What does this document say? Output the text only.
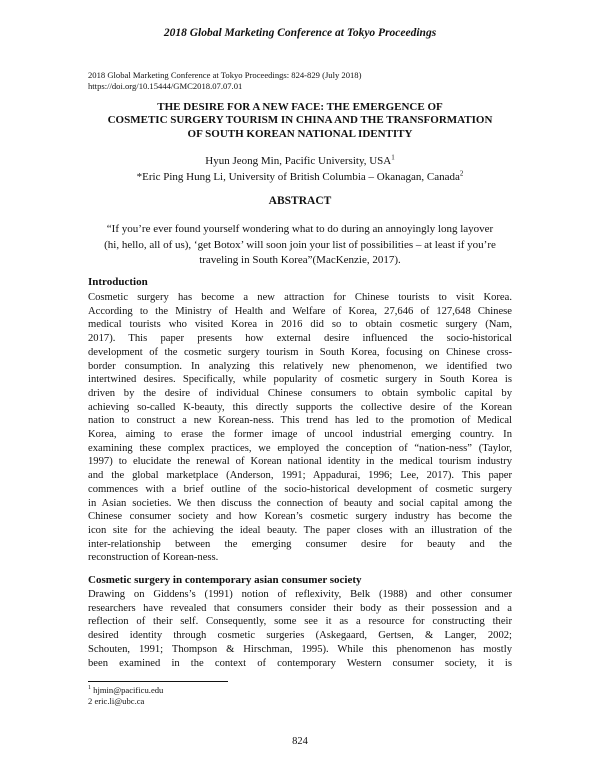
2018 Global Marketing Conference at Tokyo Proceedings
2018 Global Marketing Conference at Tokyo Proceedings: 824-829 (July 2018)
https://doi.org/10.15444/GMC2018.07.07.01
THE DESIRE FOR A NEW FACE: THE EMERGENCE OF
COSMETIC SURGERY TOURISM IN CHINA AND THE TRANSFORMATION
OF SOUTH KOREAN NATIONAL IDENTITY
Hyun Jeong Min, Pacific University, USA$^1$
*Eric Ping Hung Li, University of British Columbia – Okanagan, Canada$^2$
ABSTRACT
“If you’re ever found yourself wondering what to do during an annoyingly long layover
(hi, hello, all of us), ‘get Botox’ will soon join your list of possibilities – at least if you’re
traveling in South Korea”(MacKenzie, 2017).
Introduction
Cosmetic surgery has become a new attraction for Chinese tourists to visit Korea.
According to the Ministry of Health and Welfare of Korea, 27,646 of 127,648 Chinese
medical tourists who visited Korea in 2016 did so to obtain cosmetic surgery (Nam,
2017). This paper presents how external desire influenced the socio-historical
development of the cosmetic surgery tourism in South Korea, focusing on Chinese cross-
border consumption. In analyzing this relatively new phenomenon, we identified two
intertwined desires. Specifically, while popularity of cosmetic surgery in South Korea is
driven by the desire of individual Chinese consumers to obtain symbolic capital by
achieving so-called K-beauty, this directly supports the collective desire of the Korean
nation to construct a new Korean-ness. This trend has led to the promotion of Medical
Korea, aiming to erase the former image of uncool industrial emerging country. In
examining these complex practices, we employed the conception of “nation-ness” (Taylor,
1997) to elucidate the renewal of Korean national identity in the medical tourism industry
and the global marketplace (Anderson, 1991; Appadurai, 1996; Lee, 2017). This paper
commences with a brief outline of the socio-historical development of cosmetic surgery
in Asian societies. We then discuss the connection of beauty and social capital among the
Chinese consumer society and how Korean’s cosmetic surgery industry has become the
icon site for the achieving the ideal beauty. The paper closes with an illustration of the
inter-relationship between the emerging consumer desire for beauty and the
reconstruction of Korean-ness.
Cosmetic surgery in contemporary asian consumer society
Drawing on Giddens’s (1991) notion of reflexivity, Belk (1988) and other consumer
researchers have revealed that consumers consider their body as their possession and a
reflection of their self. Consequently, some see it as a resource for constructing their
desired identity through cosmetic surgeries (Askegaard, Gertsen, & Langer, 2002;
Schouten, 1991; Thompson & Hirschman, 1995). While this phenomenon has mostly
been examined in the context of contemporary Western consumer society, it is
$^1$ hjmin@pacificu.edu
2 eric.li@ubc.ca
824
